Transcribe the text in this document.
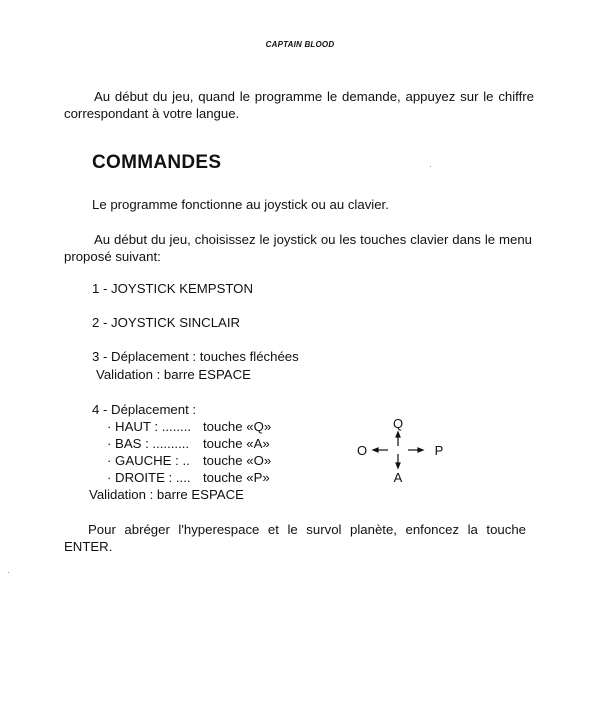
CAPTAIN BLOOD

Au début du jeu, quand le programme le demande, appuyez sur le chiffre correspondant à votre langue.

COMMANDES

Le programme fonctionne au joystick ou au clavier.

Au début du jeu, choisissez le joystick ou les touches clavier dans le menu proposé suivant:

1 - JOYSTICK KEMPSTON

2 - JOYSTICK SINCLAIR

3 - Déplacement : touches fléchées

Validation : barre ESPACE

4 - Déplacement :

· HAUT : ........ touche «Q»
· BAS : .......... touche «A»
· GAUCHE : .. touche «O»
· DROITE : .... touche «P»

Validation : barre ESPACE

Q
A
O	P

Pour abréger l'hyperespace et le survol planète, enfoncez la touche ENTER.
